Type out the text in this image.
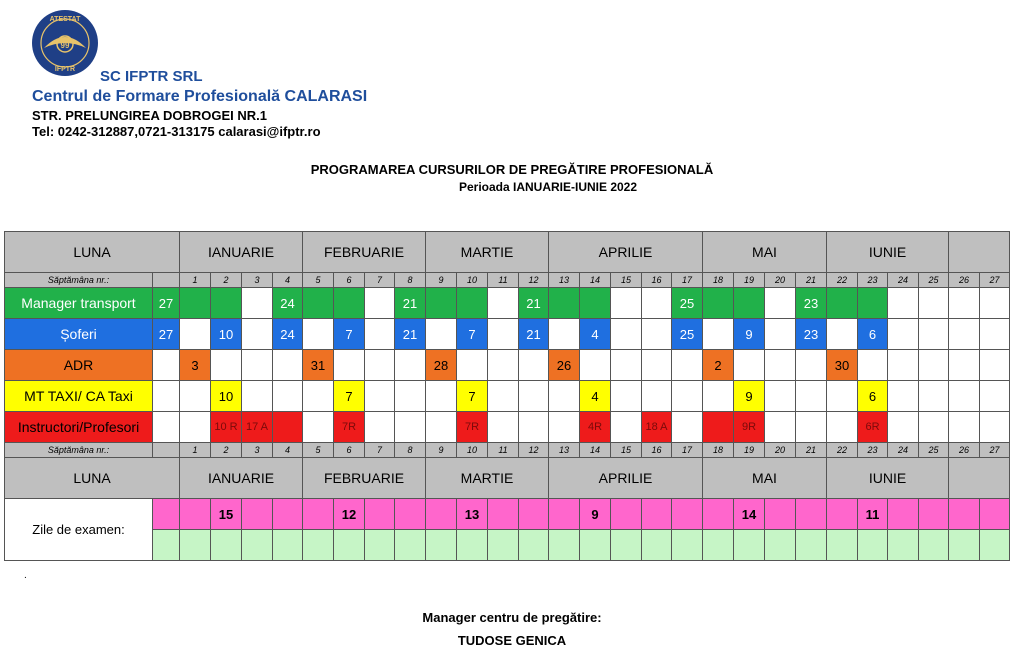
99
ATESTAT
IFPTR SC IFPTR SRL
Centrul de Formare Profesională CALARASI
STR. PRELUNGIREA DOBROGEI NR.1
Tel: 0242-312887,0721-313175 calarasi@ifptr.ro
PROGRAMAREA CURSURILOR DE PREGĂTIRE PROFESIONALĂ
Perioada IANUARIE-IUNIE 2022
LUNA		IANUARIE				FEBRUARIE				MARTIE				APRILIE					MAI				IUNIE					
Săptămâna nr.:		1	2	3	4	5	6	7	8	9	10	11	12	13	14	15	16	17	18	19	20	21	22	23	24	25	26	27
Manager transport	27				24				21				21					25				23						
Șoferi	27		10		24		7		21		7		21		4			25		9		23		6				
ADR		3				31				28				26					2				30					
MT TAXI/ CA Taxi			10				7				7				4					9				6				
Instructori/Profesori			10 R	17 A			7R				7R				4R		18 A			9R				6R				
Săptămâna nr.:		1	2	3	4	5	6	7	8	9	10	11	12	13	14	15	16	17	18	19	20	21	22	23	24	25	26	27
LUNA		IANUARIE				FEBRUARIE				MARTIE				APRILIE					MAI				IUNIE					
Zile de examen:			15				12				13				9					14				11				

.
Manager centru de pregătire:
TUDOSE GENICA
